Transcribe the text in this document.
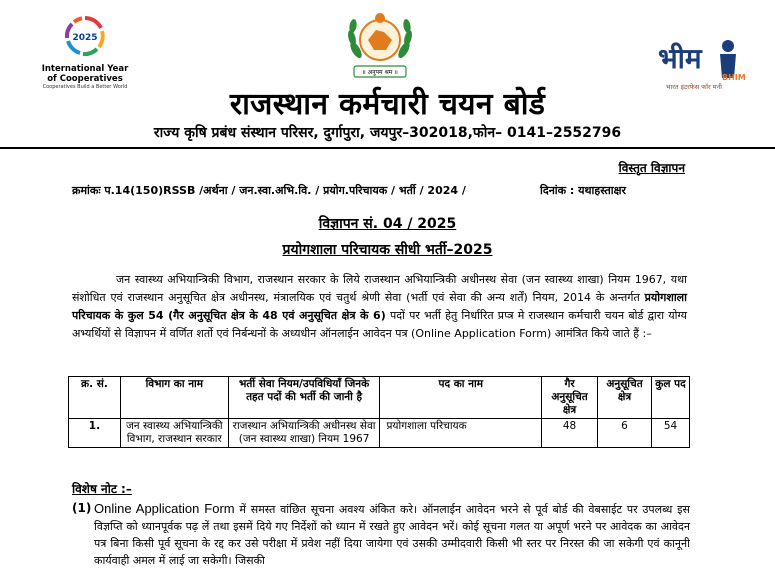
2025
International Year of Cooperatives
Cooperatives Build a Better World
॥ अनुपम श्रम ॥	भीम
BHIM
भारत इंटरफेस फॉर मनी
राजस्थान कर्मचारी चयन बोर्ड
राज्य कृषि प्रबंध संस्थान परिसर, दुर्गापुरा, जयपुर–302018,फोन– 0141–2552796
विस्तृत विज्ञापन
क्रमांकः प.14(150)RSSB /अर्थना / जन.स्वा.अभि.वि. / प्रयोग.परिचायक / भर्ती / 2024 /	दिनांक : यथाहस्ताक्षर
विज्ञापन सं. 04 / 2025
प्रयोगशाला परिचायक सीधी भर्ती–2025
जन स्वास्थ्य अभियान्त्रिकी विभाग, राजस्थान सरकार के लिये राजस्थान अभियान्त्रिकी अधीनस्थ सेवा (जन स्वास्थ्य शाखा) नियम 1967, यथा संशोधित एवं राजस्थान अनुसूचित क्षेत्र अधीनस्थ, मंत्रालयिक एवं चतुर्थ श्रेणी सेवा (भर्ती एवं सेवा की अन्य शर्तें) नियम, 2014 के अन्तर्गत प्रयोगशाला परिचायक के कुल 54 (गैर अनुसूचित क्षेत्र के 48 एवं अनुसूचित क्षेत्र के 6) पदों पर भर्ती हेतु निर्धारित प्रप्त्र मे राजस्थान कर्मचारी चयन बोर्ड द्वारा योग्य अभ्यर्थियों से विज्ञापन में वर्णित शर्तो एवं निर्बन्धनों के अध्यधीन ऑनलाईन आवेदन पत्र (Online Application Form) आमंत्रित किये जाते हैं :–
क्र. सं.	विभाग का नाम	भर्ती सेवा नियम/उपविधियाँ जिनके तहत पदों की भर्ती की जानी है	पद का नाम	गैर अनुसूचित क्षेत्र	अनुसूचित क्षेत्र	कुल पद
1.	जन स्वास्थ्य अभियान्त्रिकी विभाग, राजस्थान सरकार	राजस्थान अभियान्त्रिकी अधीनस्थ सेवा (जन स्वास्थ्य शाखा) नियम 1967	प्रयोगशाला परिचायक	48	6	54
विशेष नोट :–
(1) Online Application Form में समस्त वांछित सूचना अवश्य अंकित करे। ऑनलाईन आवेदन भरने से पूर्व बोर्ड की वेबसाईट पर उपलब्ध इस विज्ञप्ति को ध्यानपूर्वक पढ़ लें तथा इसमें दिये गए निर्देशों को ध्यान में रखते हुए आवेदन भरें। कोई सूचना गलत या अपूर्ण भरने पर आवेदक का आवेदन पत्र बिना किसी पूर्व सूचना के रद्द कर उसे परीक्षा में प्रवेश नहीं दिया जायेगा एवं उसकी उम्मीदवारी किसी भी स्तर पर निरस्त की जा सकेगी एवं कानूनी कार्यवाही अमल में लाई जा सकेगी। जिसकी
